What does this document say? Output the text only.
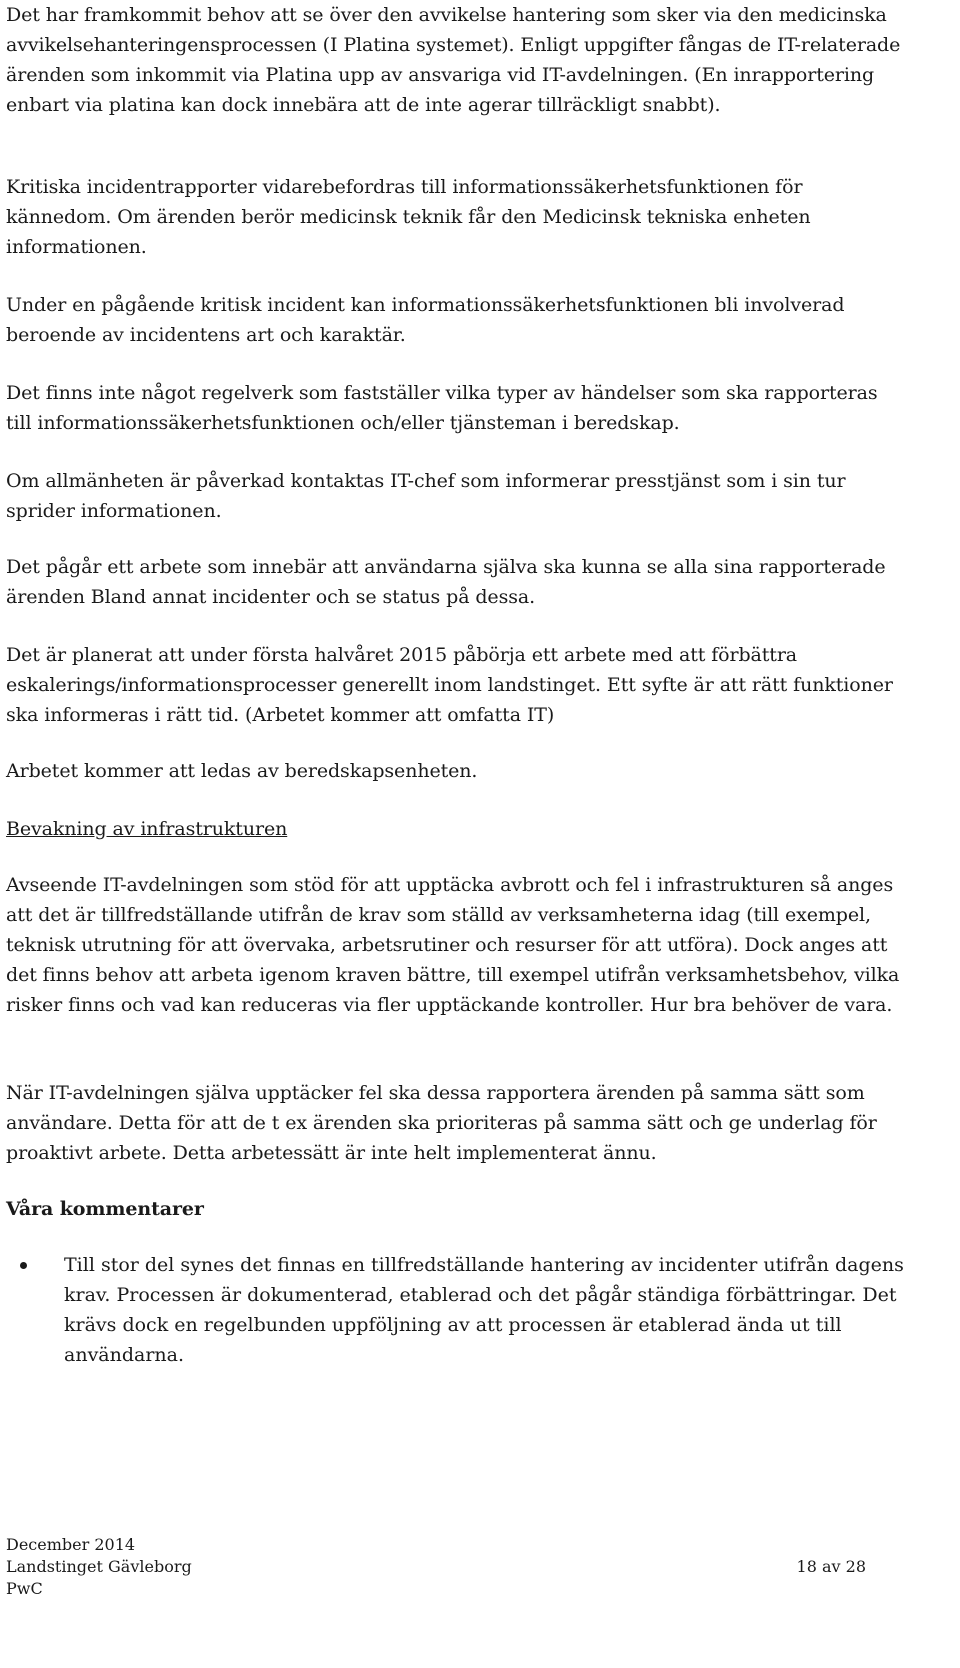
Det har framkommit behov att se över den avvikelse hantering som sker via den medicinska avvikelsehanteringensprocessen (I Platina systemet). Enligt uppgifter fångas de IT-relaterade ärenden som inkommit via Platina upp av ansvariga vid IT-avdelningen. (En inrapportering enbart via platina kan dock innebära att de inte agerar tillräckligt snabbt).

Kritiska incidentrapporter vidarebefordras till informationssäkerhetsfunktionen för kännedom. Om ärenden berör medicinsk teknik får den Medicinsk tekniska enheten informationen.

Under en pågående kritisk incident kan informationssäkerhetsfunktionen bli involverad beroende av incidentens art och karaktär.

Det finns inte något regelverk som fastställer vilka typer av händelser som ska rapporteras till informationssäkerhetsfunktionen och/eller tjänsteman i beredskap.

Om allmänheten är påverkad kontaktas IT-chef som informerar presstjänst som i sin tur sprider informationen.

Det pågår ett arbete som innebär att användarna själva ska kunna se alla sina rapporterade ärenden Bland annat incidenter och se status på dessa.

Det är planerat att under första halvåret 2015 påbörja ett arbete med att förbättra eskalerings/informationsprocesser generellt inom landstinget. Ett syfte är att rätt funktioner ska informeras i rätt tid. (Arbetet kommer att omfatta IT)

Arbetet kommer att ledas av beredskapsenheten.

Bevakning av infrastrukturen

Avseende IT-avdelningen som stöd för att upptäcka avbrott och fel i infrastrukturen så anges att det är tillfredställande utifrån de krav som ställd av verksamheterna idag (till exempel, teknisk utrutning för att övervaka, arbetsrutiner och resurser för att utföra). Dock anges att det finns behov att arbeta igenom kraven bättre, till exempel utifrån verksamhetsbehov, vilka risker finns och vad kan reduceras via fler upptäckande kontroller. Hur bra behöver de vara.

När IT-avdelningen själva upptäcker fel ska dessa rapportera ärenden på samma sätt som användare. Detta för att de t ex ärenden ska prioriteras på samma sätt och ge underlag för proaktivt arbete. Detta arbetessätt är inte helt implementerat ännu.

Våra kommentarer

Till stor del synes det finnas en tillfredställande hantering av incidenter utifrån dagens krav. Processen är dokumenterad, etablerad och det pågår ständiga förbättringar. Det krävs dock en regelbunden uppföljning av att processen är etablerad ända ut till användarna.
December 2014
Landstinget Gävleborg
PwC
18 av 28
